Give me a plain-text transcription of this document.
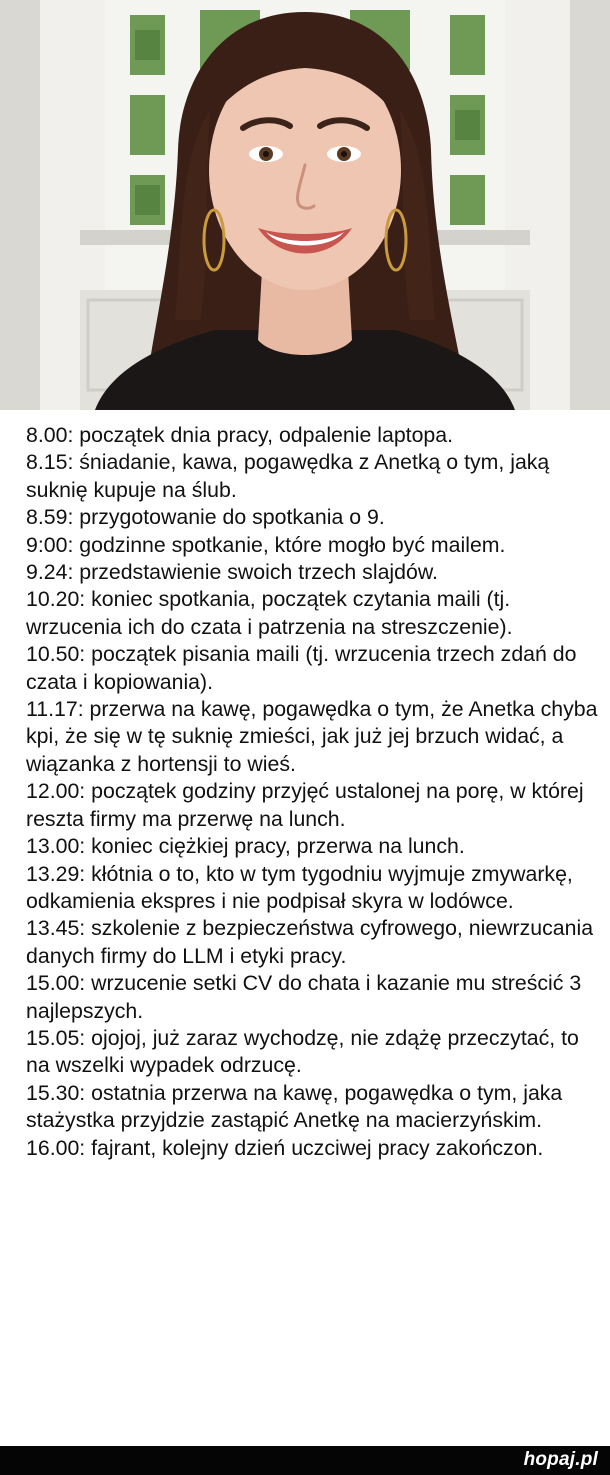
8.00: początek dnia pracy, odpalenie laptopa.
8.15: śniadanie, kawa, pogawędka z Anetką o tym, jaką suknię kupuje na ślub.
8.59: przygotowanie do spotkania o 9.
9:00: godzinne spotkanie, które mogło być mailem.
9.24: przedstawienie swoich trzech slajdów.
10.20: koniec spotkania, początek czytania maili (tj. wrzucenia ich do czata i patrzenia na streszczenie).
10.50: początek pisania maili (tj. wrzucenia trzech zdań do czata i kopiowania).
11.17: przerwa na kawę, pogawędka o tym, że Anetka chyba kpi, że się w tę suknię zmieści, jak już jej brzuch widać, a wiązanka z hortensji to wieś.
12.00: początek godziny przyjęć ustalonej na porę, w której reszta firmy ma przerwę na lunch.
13.00: koniec ciężkiej pracy, przerwa na lunch.
13.29: kłótnia o to, kto w tym tygodniu wyjmuje zmywarkę, odkamienia ekspres i nie podpisał skyra w lodówce.
13.45: szkolenie z bezpieczeństwa cyfrowego, niewrzucania danych firmy do LLM i etyki pracy.
15.00: wrzucenie setki CV do chata i kazanie mu streścić 3 najlepszych.
15.05: ojojoj, już zaraz wychodzę, nie zdążę przeczytać, to na wszelki wypadek odrzucę.
15.30: ostatnia przerwa na kawę, pogawędka o tym, jaka stażystka przyjdzie zastąpić Anetkę na macierzyńskim.
16.00: fajrant, kolejny dzień uczciwej pracy zakończon.
hopaj.pl
